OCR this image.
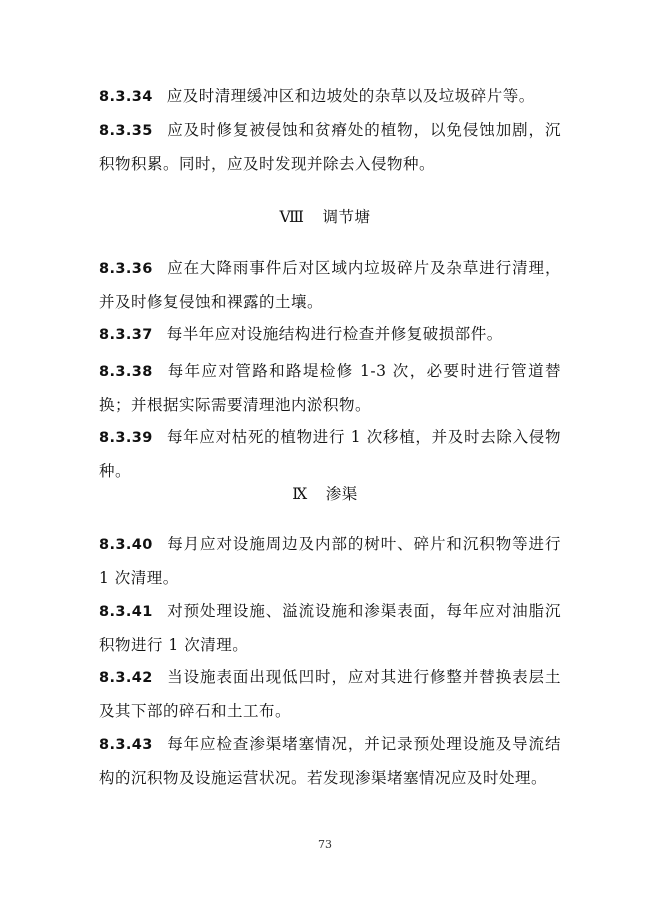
8.3.34 应及时清理缓冲区和边坡处的杂草以及垃圾碎片等。

8.3.35 应及时修复被侵蚀和贫瘠处的植物，以免侵蚀加剧，沉积物积累。同时，应及时发现并除去入侵物种。

Ⅷ 调节塘

8.3.36 应在大降雨事件后对区域内垃圾碎片及杂草进行清理，并及时修复侵蚀和裸露的土壤。

8.3.37 每半年应对设施结构进行检查并修复破损部件。

8.3.38 每年应对管路和路堤检修 1-3 次，必要时进行管道替换；并根据实际需要清理池内淤积物。

8.3.39 每年应对枯死的植物进行 1 次移植，并及时去除入侵物种。

Ⅸ 渗渠

8.3.40 每月应对设施周边及内部的树叶、碎片和沉积物等进行 1 次清理。

8.3.41 对预处理设施、溢流设施和渗渠表面，每年应对油脂沉积物进行 1 次清理。

8.3.42 当设施表面出现低凹时，应对其进行修整并替换表层土及其下部的碎石和土工布。

8.3.43 每年应检查渗渠堵塞情况，并记录预处理设施及导流结构的沉积物及设施运营状况。若发现渗渠堵塞情况应及时处理。

73
